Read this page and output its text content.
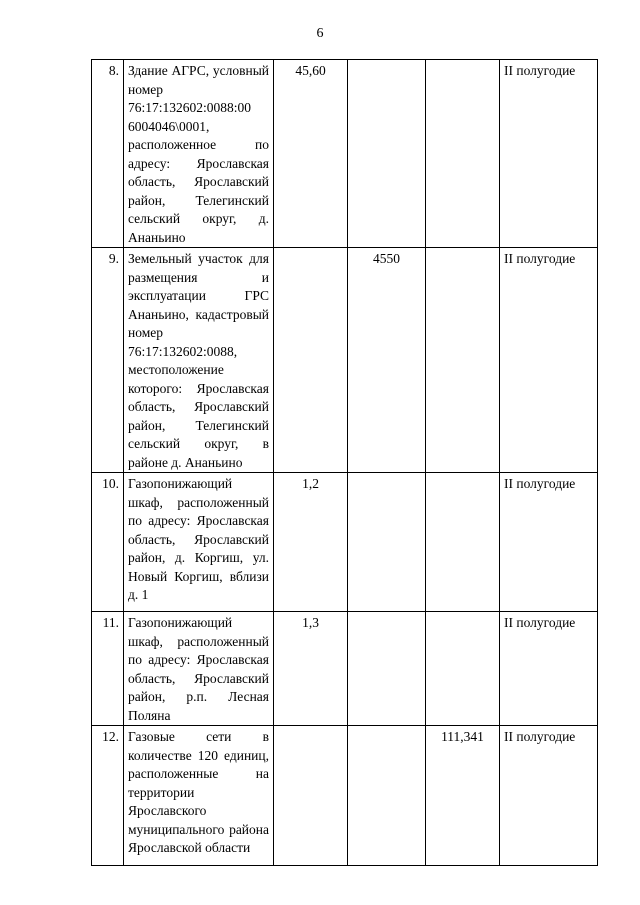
6
8.	Здание АГРС, условный номер 76:17:132602:0088:00 6004046\0001, расположенное по адресу: Ярославская область, Ярославский район, Телегинский сельский округ, д. Ананьино	45,60			II полугодие
9.	Земельный участок для размещения и эксплуатации ГРС Ананьино, кадастровый номер 76:17:132602:0088, местоположение которого: Ярославская область, Ярославский район, Телегинский сельский округ, в районе д. Ананьино		4550		II полугодие
10.	Газопонижающий шкаф, расположенный по адресу: Ярославская область, Ярославский район, д. Коргиш, ул. Новый Коргиш, вблизи д. 1	1,2			II полугодие
11.	Газопонижающий шкаф, расположенный по адресу: Ярославская область, Ярославский район, р.п. Лесная Поляна	1,3			II полугодие
12.	Газовые сети в количестве 120 единиц, расположенные на территории Ярославского муниципального района Ярославской области			111,341	II полугодие
